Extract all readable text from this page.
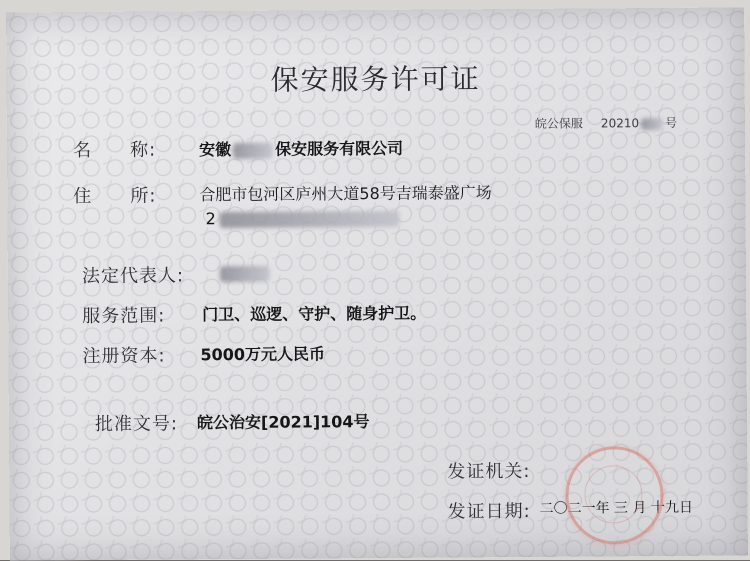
保安服务许可证
皖公保服 20210 号
名　　称:	安徽	保安服务有限公司
住　　所:	合肥市包河区庐州大道58号吉瑞泰盛广场
2
法定代表人:
服务范围: 门卫、巡逻、守护、随身护卫。
注册资本: 5000万元人民币
批准文号: 皖公治安[2021]104号
发证机关:
发证日期: 二〇二一年 三 月 十九日
